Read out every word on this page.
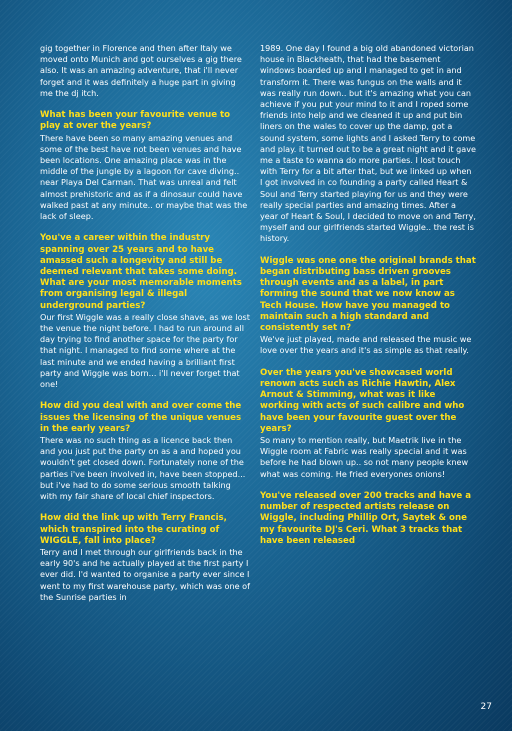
gig together in Florence and then after Italy we moved onto Munich and got ourselves a gig there also. It was an amazing adventure, that i'll never forget and it was definitely a huge part in giving me the dj itch.

What has been your favourite venue to play at over the years?

There have been so many amazing venues and some of the best have not been venues and have been locations. One amazing place was in the middle of the jungle by a lagoon for cave diving.. near Playa Del Carman. That was unreal and felt almost prehistoric and as if a dinosaur could have walked past at any minute.. or maybe that was the lack of sleep.

You've a career within the industry spanning over 25 years and to have amassed such a longevity and still be deemed relevant that takes some doing. What are your most memorable moments from organising legal & illegal underground parties?

Our first Wiggle was a really close shave, as we lost the venue the night before. I had to run around all day trying to find another space for the party for that night. I managed to find some where at the last minute and we ended having a brilliant first party and Wiggle was born... i'll never forget that one!

How did you deal with and over come the issues the licensing of the unique venues in the early years?

There was no such thing as a licence back then and you just put the party on as a and hoped you wouldn't get closed down. Fortunately none of the parties i've been involved in, have been stopped... but i've had to do some serious smooth talking with my fair share of local chief inspectors.

How did the link up with Terry Francis, which transpired into the curating of WIGGLE, fall into place?

Terry and I met through our girlfriends back in the early 90's and he actually played at the first party I ever did. I'd wanted to organise a party ever since I went to my first warehouse party, which was one of the Sunrise parties in

1989. One day I found a big old abandoned victorian house in Blackheath, that had the basement windows boarded up and I managed to get in and transform it. There was fungus on the walls and it was really run down.. but it's amazing what you can achieve if you put your mind to it and I roped some friends into help and we cleaned it up and put bin liners on the wales to cover up the damp, got a sound system, some lights and I asked Terry to come and play. it turned out to be a great night and it gave me a taste to wanna do more parties. I lost touch with Terry for a bit after that, but we linked up when I got involved in co founding a party called Heart & Soul and Terry started playing for us and they were really special parties and amazing times. After a year of Heart & Soul, I decided to move on and Terry, myself and our girlfriends started Wiggle.. the rest is history.

Wiggle was one one the original brands that began distributing bass driven grooves through events and as a label, in part forming the sound that we now know as Tech House. How have you managed to maintain such a high standard and consistently set n?

We've just played, made and released the music we love over the years and it's as simple as that really.

Over the years you've showcased world renown acts such as Richie Hawtin, Alex Arnout & Stimming, what was it like working with acts of such calibre and who have been your favourite guest over the years?

So many to mention really, but Maetrik live in the Wiggle room at Fabric was really special and it was before he had blown up.. so not many people knew what was coming. He fried everyones onions!

You've released over 200 tracks and have a number of respected artists release on Wiggle, including Phillip Ort, Saytek & one my favourite DJ's Ceri. What 3 tracks that have been released
27
